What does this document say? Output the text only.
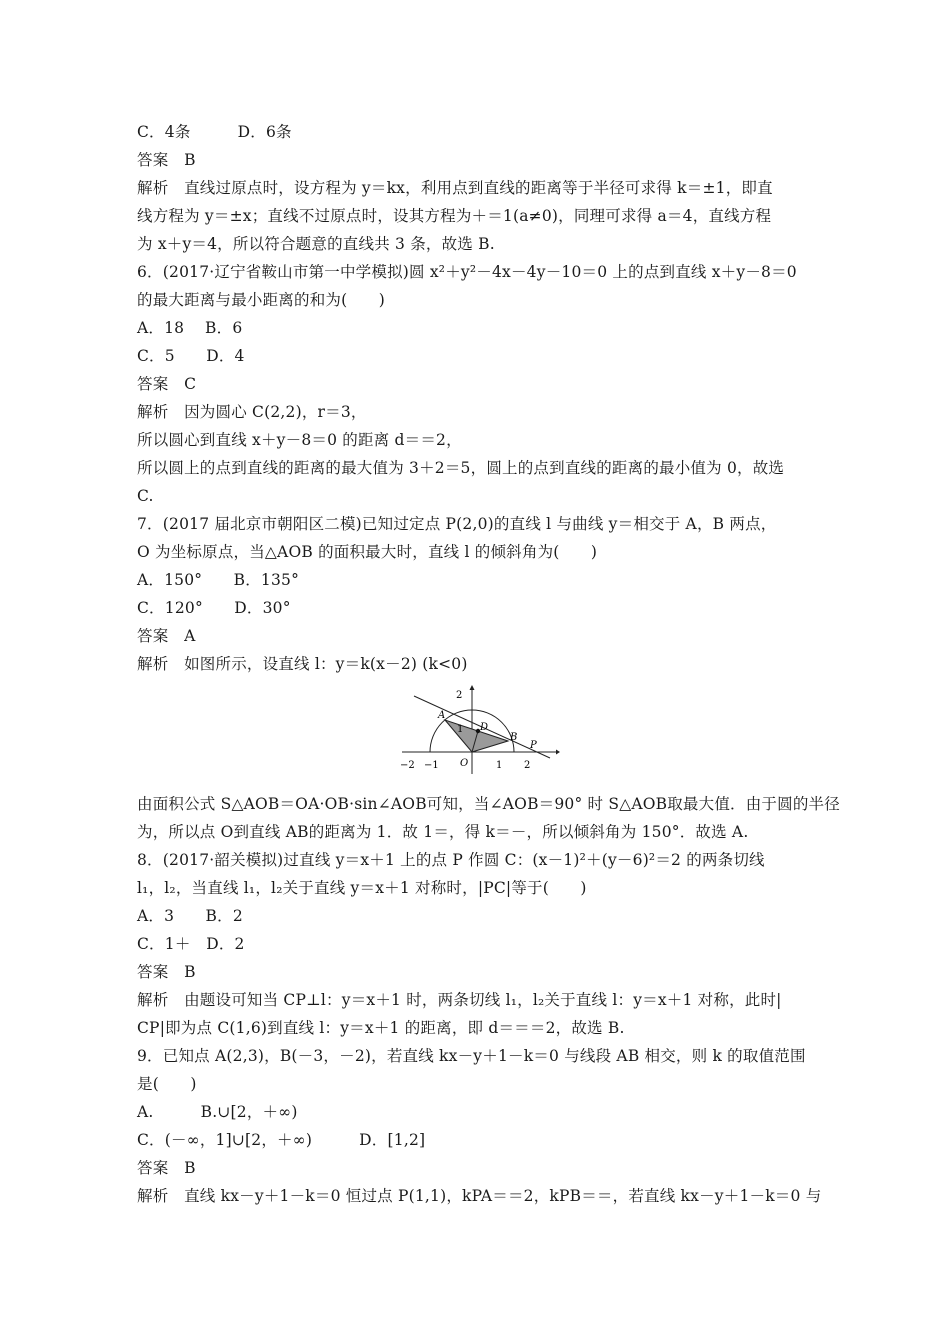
C．4条　　　D．6条
答案　B
解析　直线过原点时，设方程为 y＝kx，利用点到直线的距离等于半径可求得 k＝±1，即直
线方程为 y＝±x；直线不过原点时，设其方程为＋＝1(a≠0)，同理可求得 a＝4，直线方程
为 x＋y＝4，所以符合题意的直线共 3 条，故选 B.
6．(2017·辽宁省鞍山市第一中学模拟)圆 x²＋y²－4x－4y－10＝0 上的点到直线 x＋y－8＝0
的最大距离与最小距离的和为(　　)
A．18　 B．6
C．5　　D．4
答案　C
解析　因为圆心 C(2,2)，r＝3，
所以圆心到直线 x＋y－8＝0 的距离 d＝＝2，
所以圆上的点到直线的距离的最大值为 3＋2＝5，圆上的点到直线的距离的最小值为 0，故选
C.
7．(2017 届北京市朝阳区二模)已知过定点 P(2,0)的直线 l 与曲线 y＝相交于 A，B 两点，
O 为坐标原点，当△AOB 的面积最大时，直线 l 的倾斜角为(　　)
A．150°　　B．135°
C．120°　　D．30°
答案　A
解析　如图所示，设直线 l：y＝k(x－2) (k<0)
2
A
D
1
B
P
−2 −1 O	1 2
由面积公式 S△AOB＝OA·OB·sin∠AOB可知，当∠AOB＝90° 时 S△AOB取最大值．由于圆的半径
为，所以点 O到直线 AB的距离为 1．故 1＝，得 k＝－，所以倾斜角为 150°．故选 A.
8．(2017·韶关模拟)过直线 y＝x＋1 上的点 P 作圆 C：(x－1)²＋(y－6)²＝2 的两条切线
l₁，l₂，当直线 l₁，l₂关于直线 y＝x＋1 对称时，|PC|等于(　　)
A．3　　B．2
C．1＋　D．2
答案　B
解析　由题设可知当 CP⊥l：y＝x＋1 时，两条切线 l₁，l₂关于直线 l：y＝x＋1 对称，此时|
CP|即为点 C(1,6)到直线 l：y＝x＋1 的距离，即 d＝＝＝2，故选 B.
9．已知点 A(2,3)，B(－3，－2)，若直线 kx－y＋1－k＝0 与线段 AB 相交，则 k 的取值范围
是(　　)
A.　　　B.∪[2，＋∞)
C．(－∞，1]∪[2，＋∞)　　　D．[1,2]
答案　B
解析　直线 kx－y＋1－k＝0 恒过点 P(1,1)，kPA＝＝2，kPB＝＝，若直线 kx－y＋1－k＝0 与
